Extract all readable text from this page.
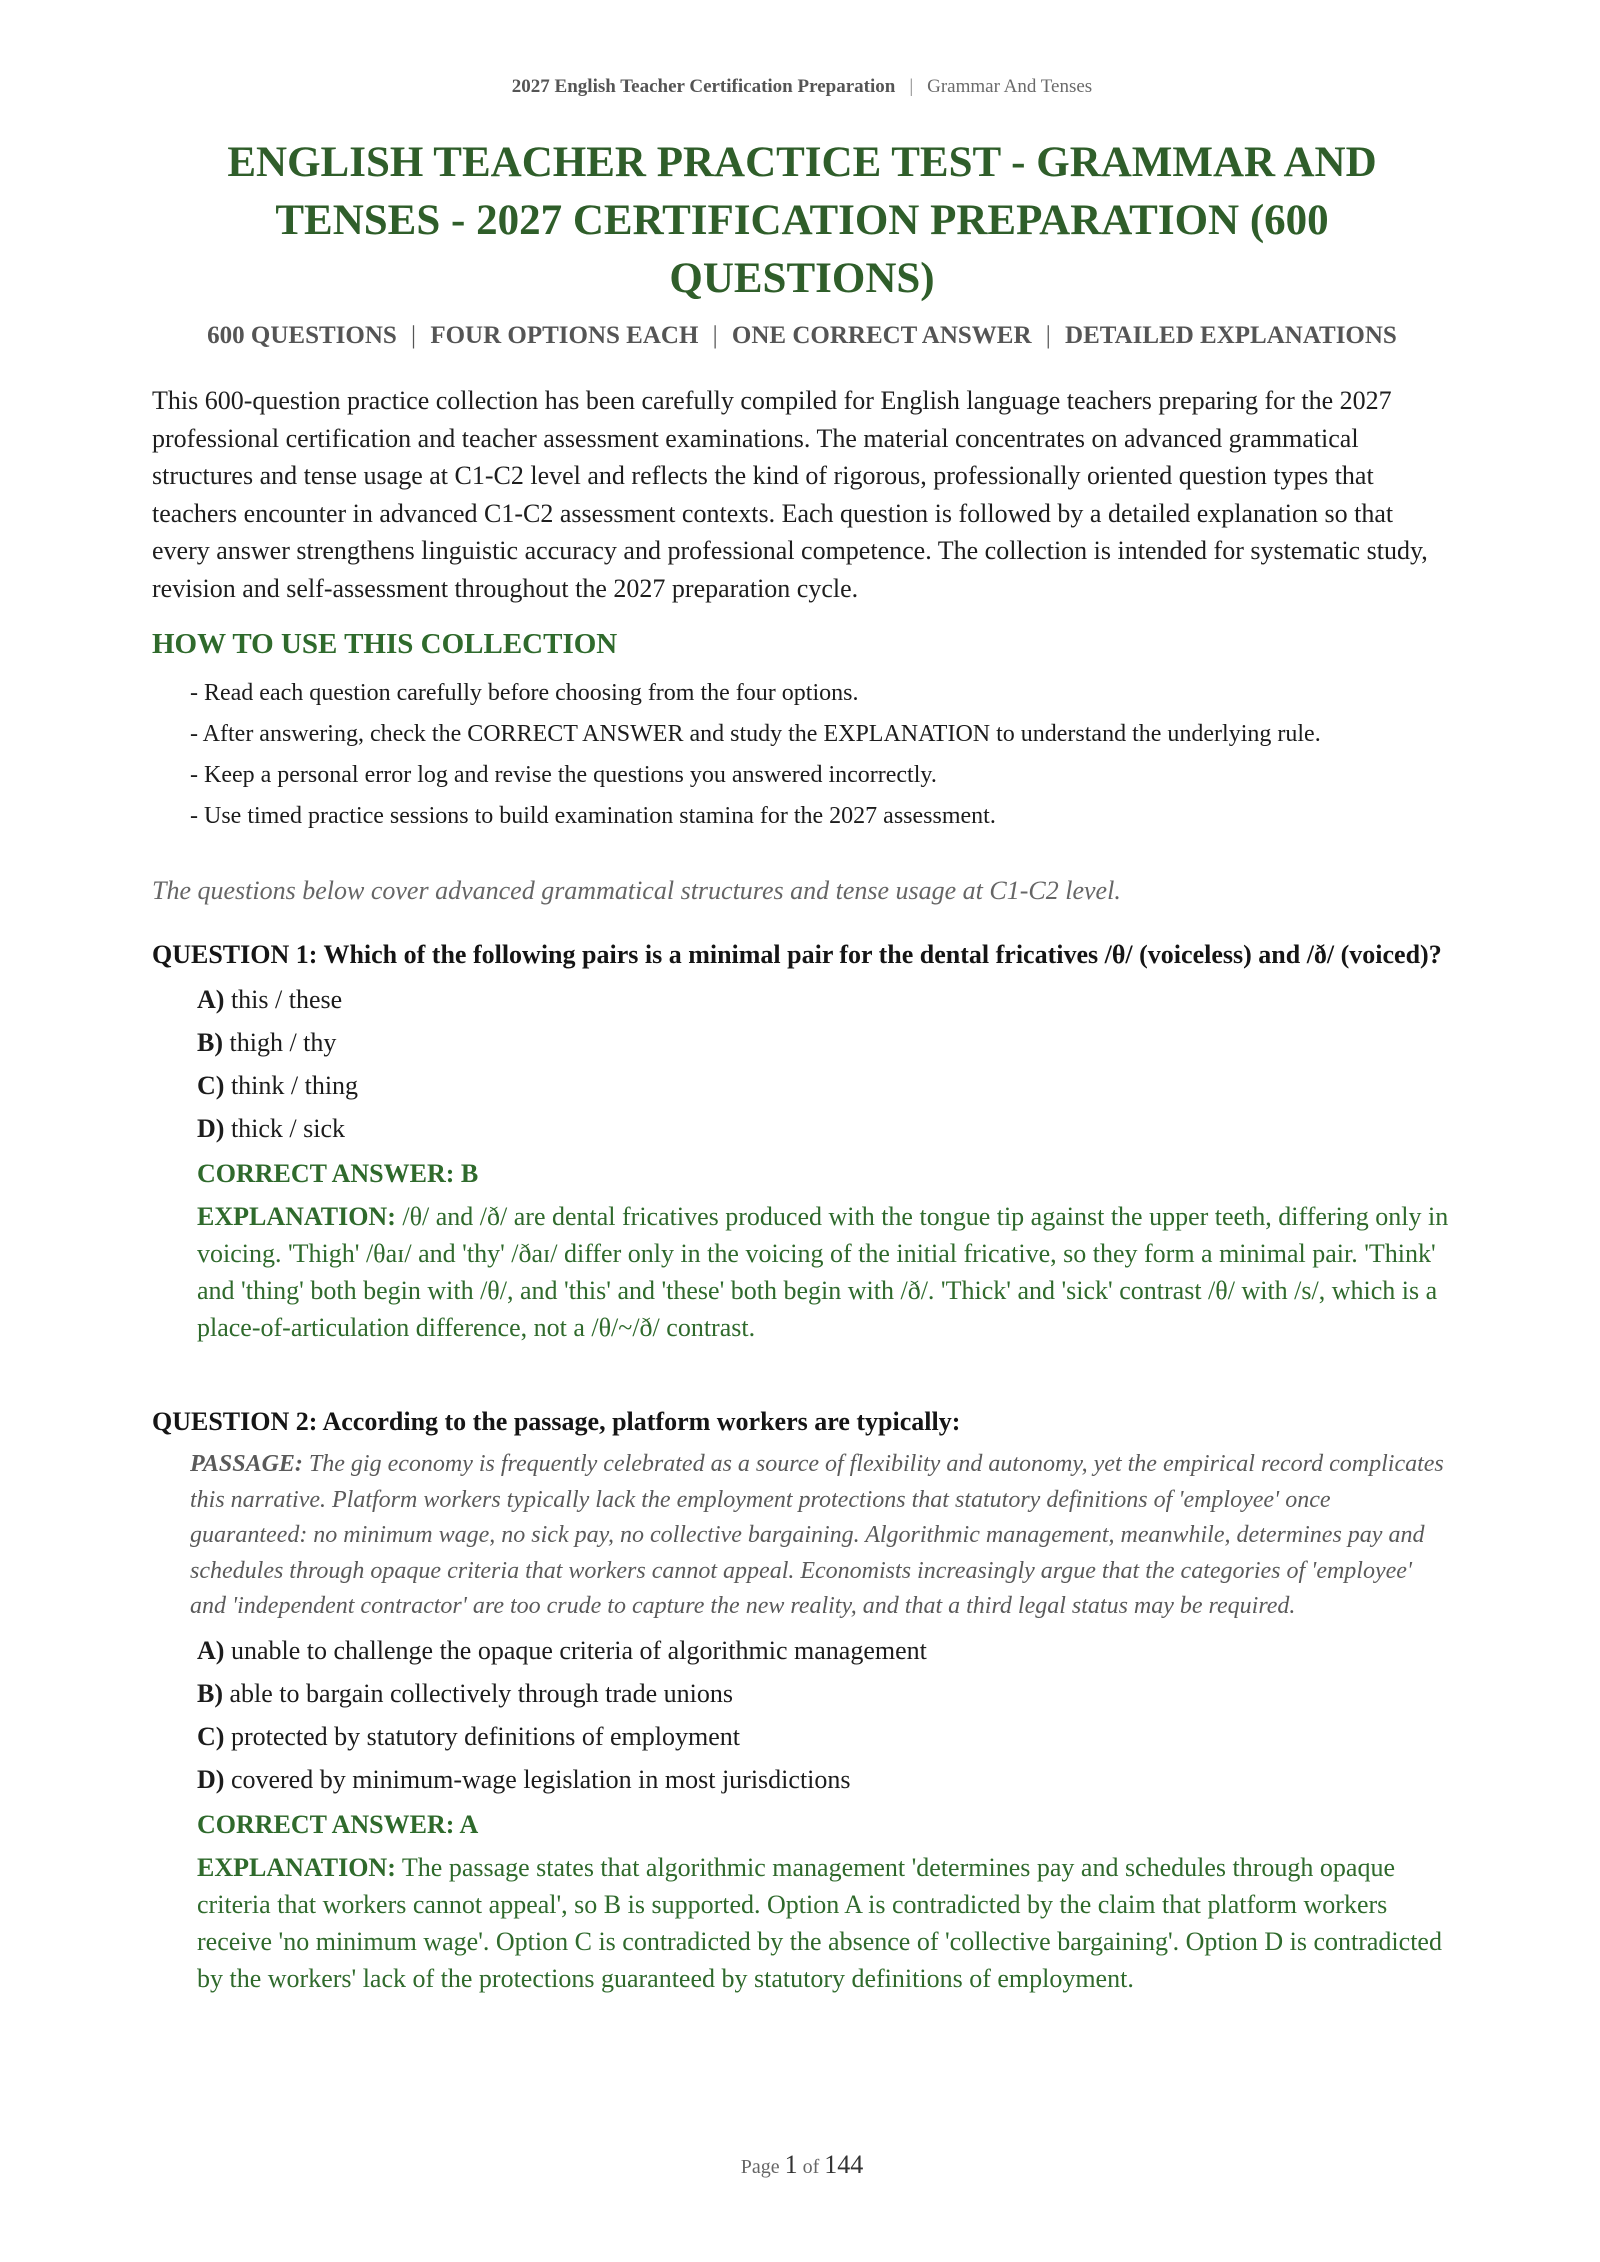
2027 English Teacher Certification Preparation | Grammar And Tenses
ENGLISH TEACHER PRACTICE TEST - GRAMMAR AND TENSES - 2027 CERTIFICATION PREPARATION (600 QUESTIONS)
600 QUESTIONS | FOUR OPTIONS EACH | ONE CORRECT ANSWER | DETAILED EXPLANATIONS

This 600-question practice collection has been carefully compiled for English language teachers preparing for the 2027 professional certification and teacher assessment examinations. The material concentrates on advanced grammatical structures and tense usage at C1-C2 level and reflects the kind of rigorous, professionally oriented question types that teachers encounter in advanced C1-C2 assessment contexts. Each question is followed by a detailed explanation so that every answer strengthens linguistic accuracy and professional competence. The collection is intended for systematic study, revision and self-assessment throughout the 2027 preparation cycle.

HOW TO USE THIS COLLECTION
- Read each question carefully before choosing from the four options.
- After answering, check the CORRECT ANSWER and study the EXPLANATION to understand the underlying rule.
- Keep a personal error log and revise the questions you answered incorrectly.
- Use timed practice sessions to build examination stamina for the 2027 assessment.
The questions below cover advanced grammatical structures and tense usage at C1-C2 level.

QUESTION 1: Which of the following pairs is a minimal pair for the dental fricatives /θ/ (voiceless) and /ð/ (voiced)?

A) this / these
B) thigh / thy
C) think / thing
D) thick / sick
CORRECT ANSWER: B
EXPLANATION: /θ/ and /ð/ are dental fricatives produced with the tongue tip against the upper teeth, differing only in voicing. 'Thigh' /θaɪ/ and 'thy' /ðaɪ/ differ only in the voicing of the initial fricative, so they form a minimal pair. 'Think' and 'thing' both begin with /θ/, and 'this' and 'these' both begin with /ð/. 'Thick' and 'sick' contrast /θ/ with /s/, which is a place-of-articulation difference, not a /θ/~/ð/ contrast.

QUESTION 2: According to the passage, platform workers are typically:

PASSAGE: The gig economy is frequently celebrated as a source of flexibility and autonomy, yet the empirical record complicates this narrative. Platform workers typically lack the employment protections that statutory definitions of 'employee' once guaranteed: no minimum wage, no sick pay, no collective bargaining. Algorithmic management, meanwhile, determines pay and schedules through opaque criteria that workers cannot appeal. Economists increasingly argue that the categories of 'employee' and 'independent contractor' are too crude to capture the new reality, and that a third legal status may be required.
A) unable to challenge the opaque criteria of algorithmic management
B) able to bargain collectively through trade unions
C) protected by statutory definitions of employment
D) covered by minimum-wage legislation in most jurisdictions
CORRECT ANSWER: A
EXPLANATION: The passage states that algorithmic management 'determines pay and schedules through opaque criteria that workers cannot appeal', so B is supported. Option A is contradicted by the claim that platform workers receive 'no minimum wage'. Option C is contradicted by the absence of 'collective bargaining'. Option D is contradicted by the workers' lack of the protections guaranteed by statutory definitions of employment.
Page 1 of 144
